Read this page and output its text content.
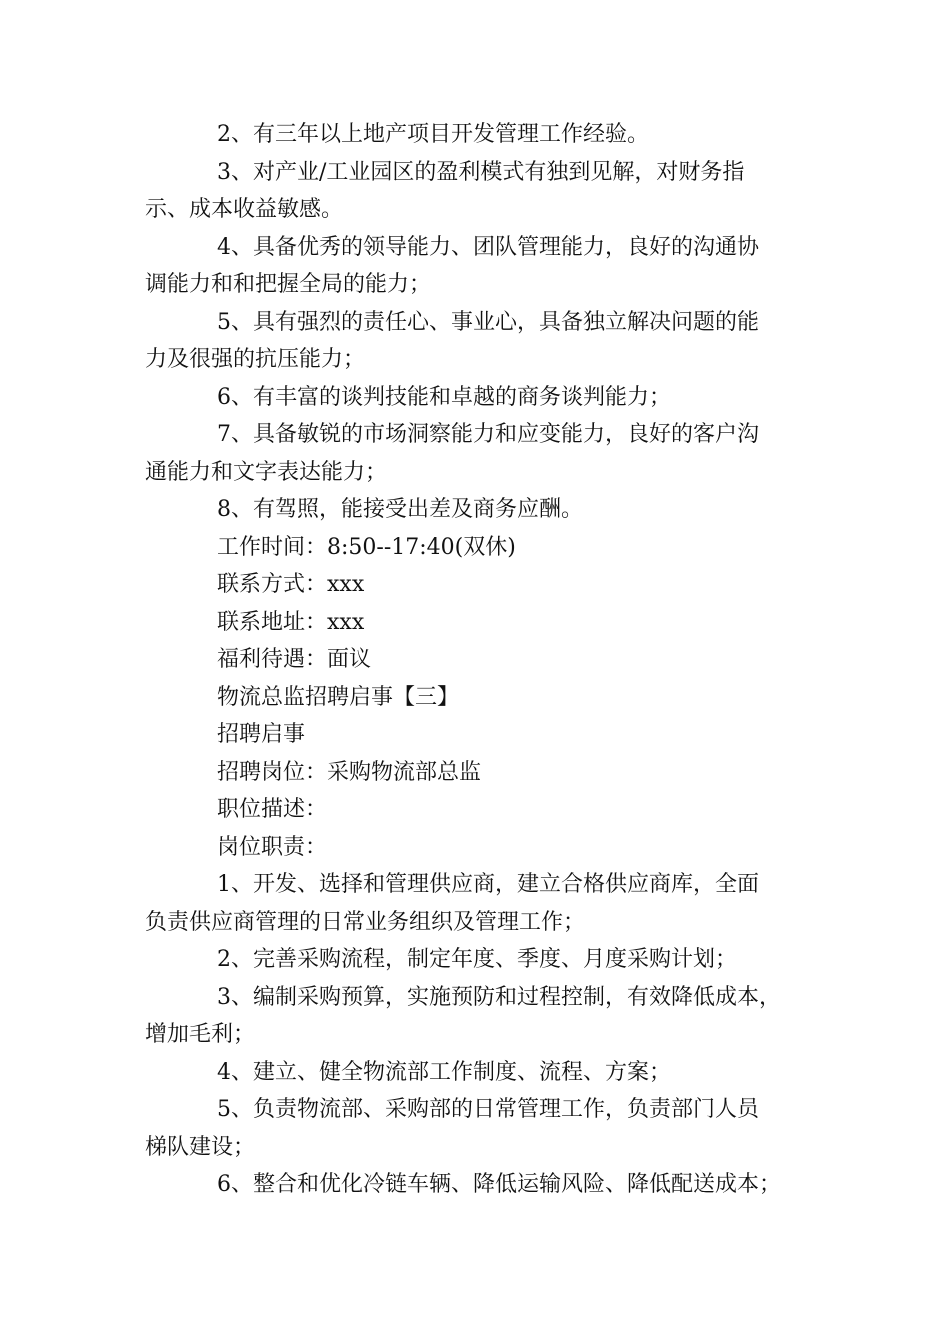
2、有三年以上地产项目开发管理工作经验。
3、对产业/工业园区的盈利模式有独到见解，对财务指
示、成本收益敏感。
4、具备优秀的领导能力、团队管理能力，良好的沟通协
调能力和和把握全局的能力；
5、具有强烈的责任心、事业心，具备独立解决问题的能
力及很强的抗压能力；
6、有丰富的谈判技能和卓越的商务谈判能力；
7、具备敏锐的市场洞察能力和应变能力，良好的客户沟
通能力和文字表达能力；
8、有驾照，能接受出差及商务应酬。
工作时间：8:50--17:40(双休)
联系方式：xxx
联系地址：xxx
福利待遇：面议
物流总监招聘启事【三】
招聘启事
招聘岗位：采购物流部总监
职位描述：
岗位职责：
1、开发、选择和管理供应商，建立合格供应商库，全面
负责供应商管理的日常业务组织及管理工作；
2、完善采购流程，制定年度、季度、月度采购计划；
3、编制采购预算，实施预防和过程控制，有效降低成本，
增加毛利；
4、建立、健全物流部工作制度、流程、方案；
5、负责物流部、采购部的日常管理工作，负责部门人员
梯队建设；
6、整合和优化冷链车辆、降低运输风险、降低配送成本；
